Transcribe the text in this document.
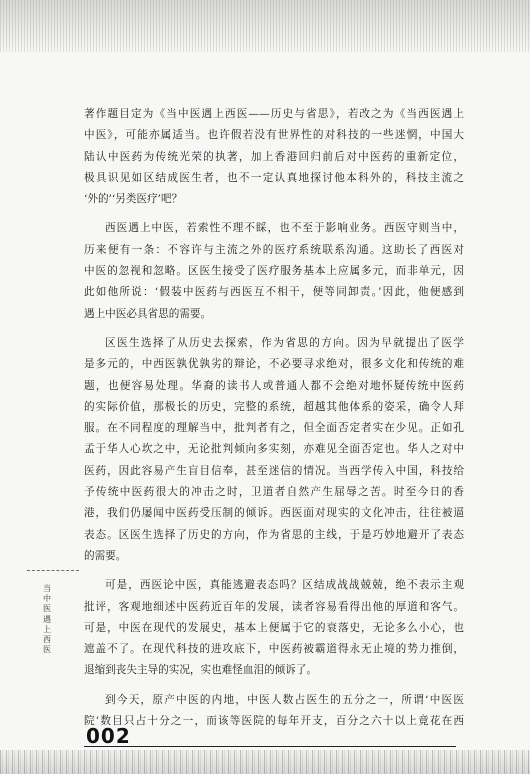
著作题目定为《当中医遇上西医——历史与省思》，若改之为《当西医遇上
中医》，可能亦属适当。也许假若没有世界性的对科技的一些迷惘，中国大
陆认中医药为传统光荣的执著，加上香港回归前后对中医药的重新定位，
极具识见如区结成医生者，也不一定认真地探讨他本科外的，科技主流之
‘外的’‘另类医疗’吧？
西医遇上中医，若索性不理不睬，也不至于影响业务。西医守则当中，
历来便有一条：不容许与主流之外的医疗系统联系沟通。这助长了西医对
中医的忽视和忽略。区医生接受了医疗服务基本上应属多元，而非单元，因
此如他所说：‘假装中医药与西医互不相干，便等同卸责。’因此，他便感到
遇上中医必具省思的需要。
区医生选择了从历史去探索，作为省思的方向。因为早就提出了医学
是多元的，中西医孰优孰劣的辩论，不必要寻求绝对，很多文化和传统的难
题，也便容易处理。华裔的读书人或普通人都不会绝对地怀疑传统中医药
的实际价值，那极长的历史，完整的系统，超越其他体系的姿采，确令人拜
服。在不同程度的理解当中，批判者有之，但全面否定者实在少见。正如孔
孟于华人心坎之中，无论批判倾向多实刻，亦难见全面否定也。华人之对中
医药，因此容易产生盲目信奉，甚至迷信的情况。当西学传入中国，科技给
予传统中医药很大的冲击之时，卫道者自然产生屈辱之苦。时至今日的香
港，我们仍屡闻中医药受压制的倾诉。西医面对现实的文化冲击，往往被逼
表态。区医生选择了历史的方向，作为省思的主线，于是巧妙地避开了表态
的需要。
可是，西医论中医，真能逃避表态吗？区结成战战兢兢，绝不表示主观
批评，客观地细述中医药近百年的发展，读者容易看得出他的厚道和客气。
可是，中医在现代的发展史，基本上便属于它的衰落史，无论多么小心，也
遮盖不了。在现代科技的进攻底下，中医药被霸道得永无止境的势力推倒，
退缩到丧失主导的实况，实也难怪血泪的倾诉了。
到今天，原产中医的内地，中医人数占医生的五分之一，所谓‘中医医
院’数目只占十分之一，而该等医院的每年开支，百分之六十以上竟花在西
当
中
医
遇
上
西
医
002
